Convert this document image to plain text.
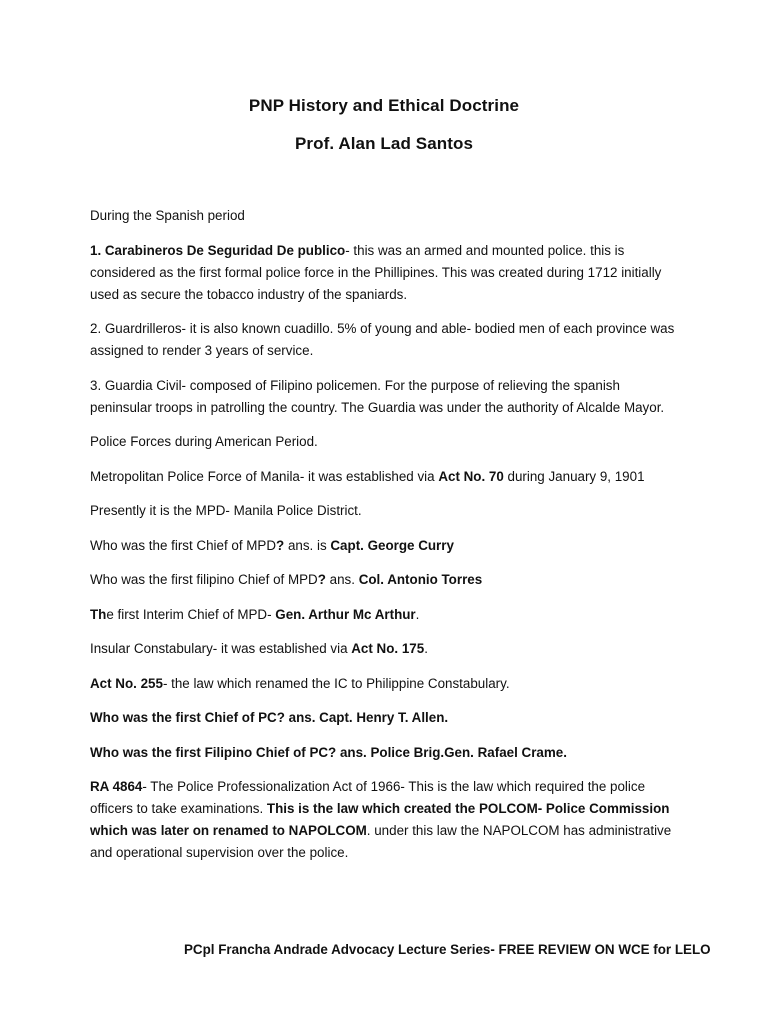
PNP History and Ethical Doctrine
Prof. Alan Lad Santos

During the Spanish period

1. Carabineros De Seguridad De publico- this was an armed and mounted police. this is considered as the first formal police force in the Phillipines. This was created during 1712 initially used as secure the tobacco industry of the spaniards.

2. Guardrilleros- it is also known cuadillo. 5% of young and able- bodied men of each province was assigned to render 3 years of service.

3. Guardia Civil- composed of Filipino policemen. For the purpose of relieving the spanish peninsular troops in patrolling the country. The Guardia was under the authority of Alcalde Mayor.

Police Forces during American Period.

Metropolitan Police Force of Manila- it was established via Act No. 70 during January 9, 1901

Presently it is the MPD- Manila Police District.

Who was the first Chief of MPD? ans. is Capt. George Curry

Who was the first filipino Chief of MPD? ans. Col. Antonio Torres

The first Interim Chief of MPD- Gen. Arthur Mc Arthur.

Insular Constabulary- it was established via Act No. 175.

Act No. 255- the law which renamed the IC to Philippine Constabulary.

Who was the first Chief of PC? ans. Capt. Henry T. Allen.

Who was the first Filipino Chief of PC? ans. Police Brig.Gen. Rafael Crame.

RA 4864- The Police Professionalization Act of 1966- This is the law which required the police officers to take examinations. This is the law which created the POLCOM- Police Commission which was later on renamed to NAPOLCOM. under this law the NAPOLCOM has administrative and operational supervision over the police.

PCpl Francha Andrade Advocacy Lecture Series- FREE REVIEW ON WCE for LELO
